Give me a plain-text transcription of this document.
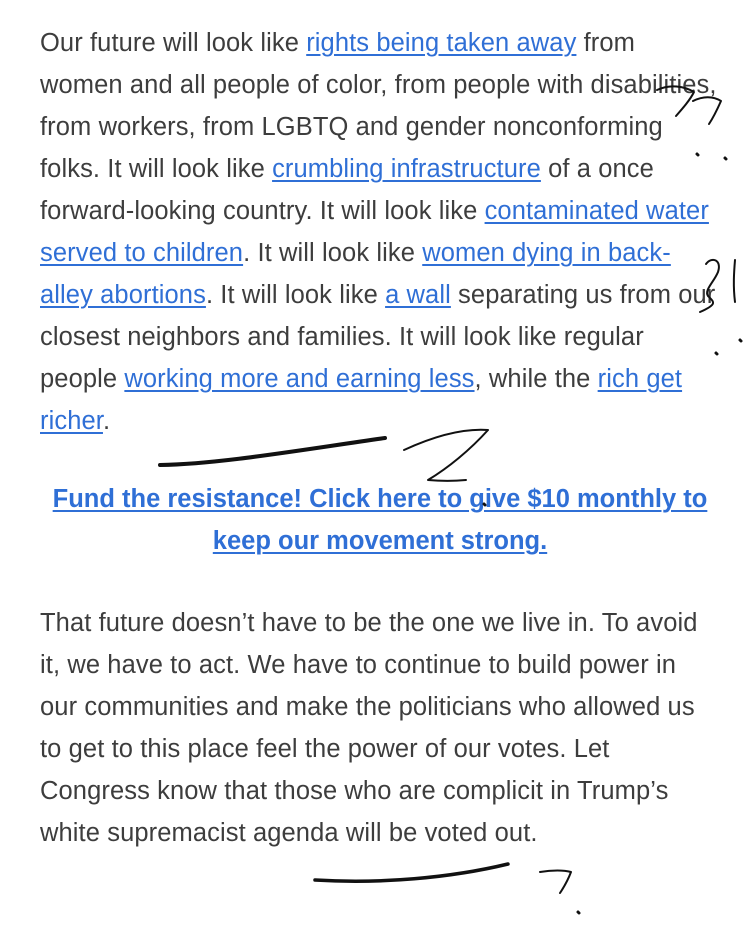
Our future will look like rights being taken away from women and all people of color, from people with disabilities, from workers, from LGBTQ and gender nonconforming folks. It will look like crumbling infrastructure of a once forward-looking country. It will look like contaminated water served to children. It will look like women dying in back-alley abortions. It will look like a wall separating us from our closest neighbors and families. It will look like regular people working more and earning less, while the rich get richer.

Fund the resistance! Click here to give $10 monthly to keep our movement strong.

That future doesn’t have to be the one we live in. To avoid it, we have to act. We have to continue to build power in our communities and make the politicians who allowed us to get to this place feel the power of our votes. Let Congress know that those who are complicit in Trump’s white supremacist agenda will be voted out.
